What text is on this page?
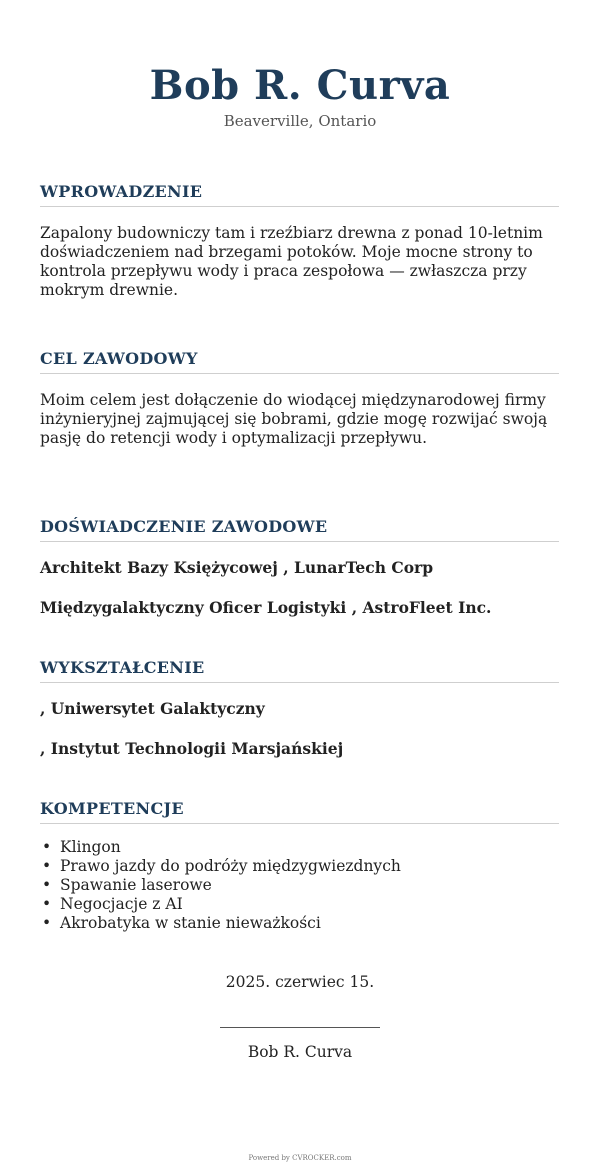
Bob R. Curva
Beaverville, Ontario
WPROWADZENIE
Zapalony budowniczy tam i rzeźbiarz drewna z ponad 10-letnim doświadczeniem nad brzegami potoków. Moje mocne strony to kontrola przepływu wody i praca zespołowa — zwłaszcza przy mokrym drewnie.
CEL ZAWODOWY
Moim celem jest dołączenie do wiodącej międzynarodowej firmy inżynieryjnej zajmującej się bobrami, gdzie mogę rozwijać swoją pasję do retencji wody i optymalizacji przepływu.
DOŚWIADCZENIE ZAWODOWE
Architekt Bazy Księżycowej , LunarTech Corp
Międzygalaktyczny Oficer Logistyki , AstroFleet Inc.
WYKSZTAŁCENIE
, Uniwersytet Galaktyczny
, Instytut Technologii Marsjańskiej
KOMPETENCJE
• Klingon
• Prawo jazdy do podróży międzygwiezdnych
• Spawanie laserowe
• Negocjacje z AI
• Akrobatyka w stanie nieważkości
2025. czerwiec 15.
Bob R. Curva
Powered by CVROCKER.com
